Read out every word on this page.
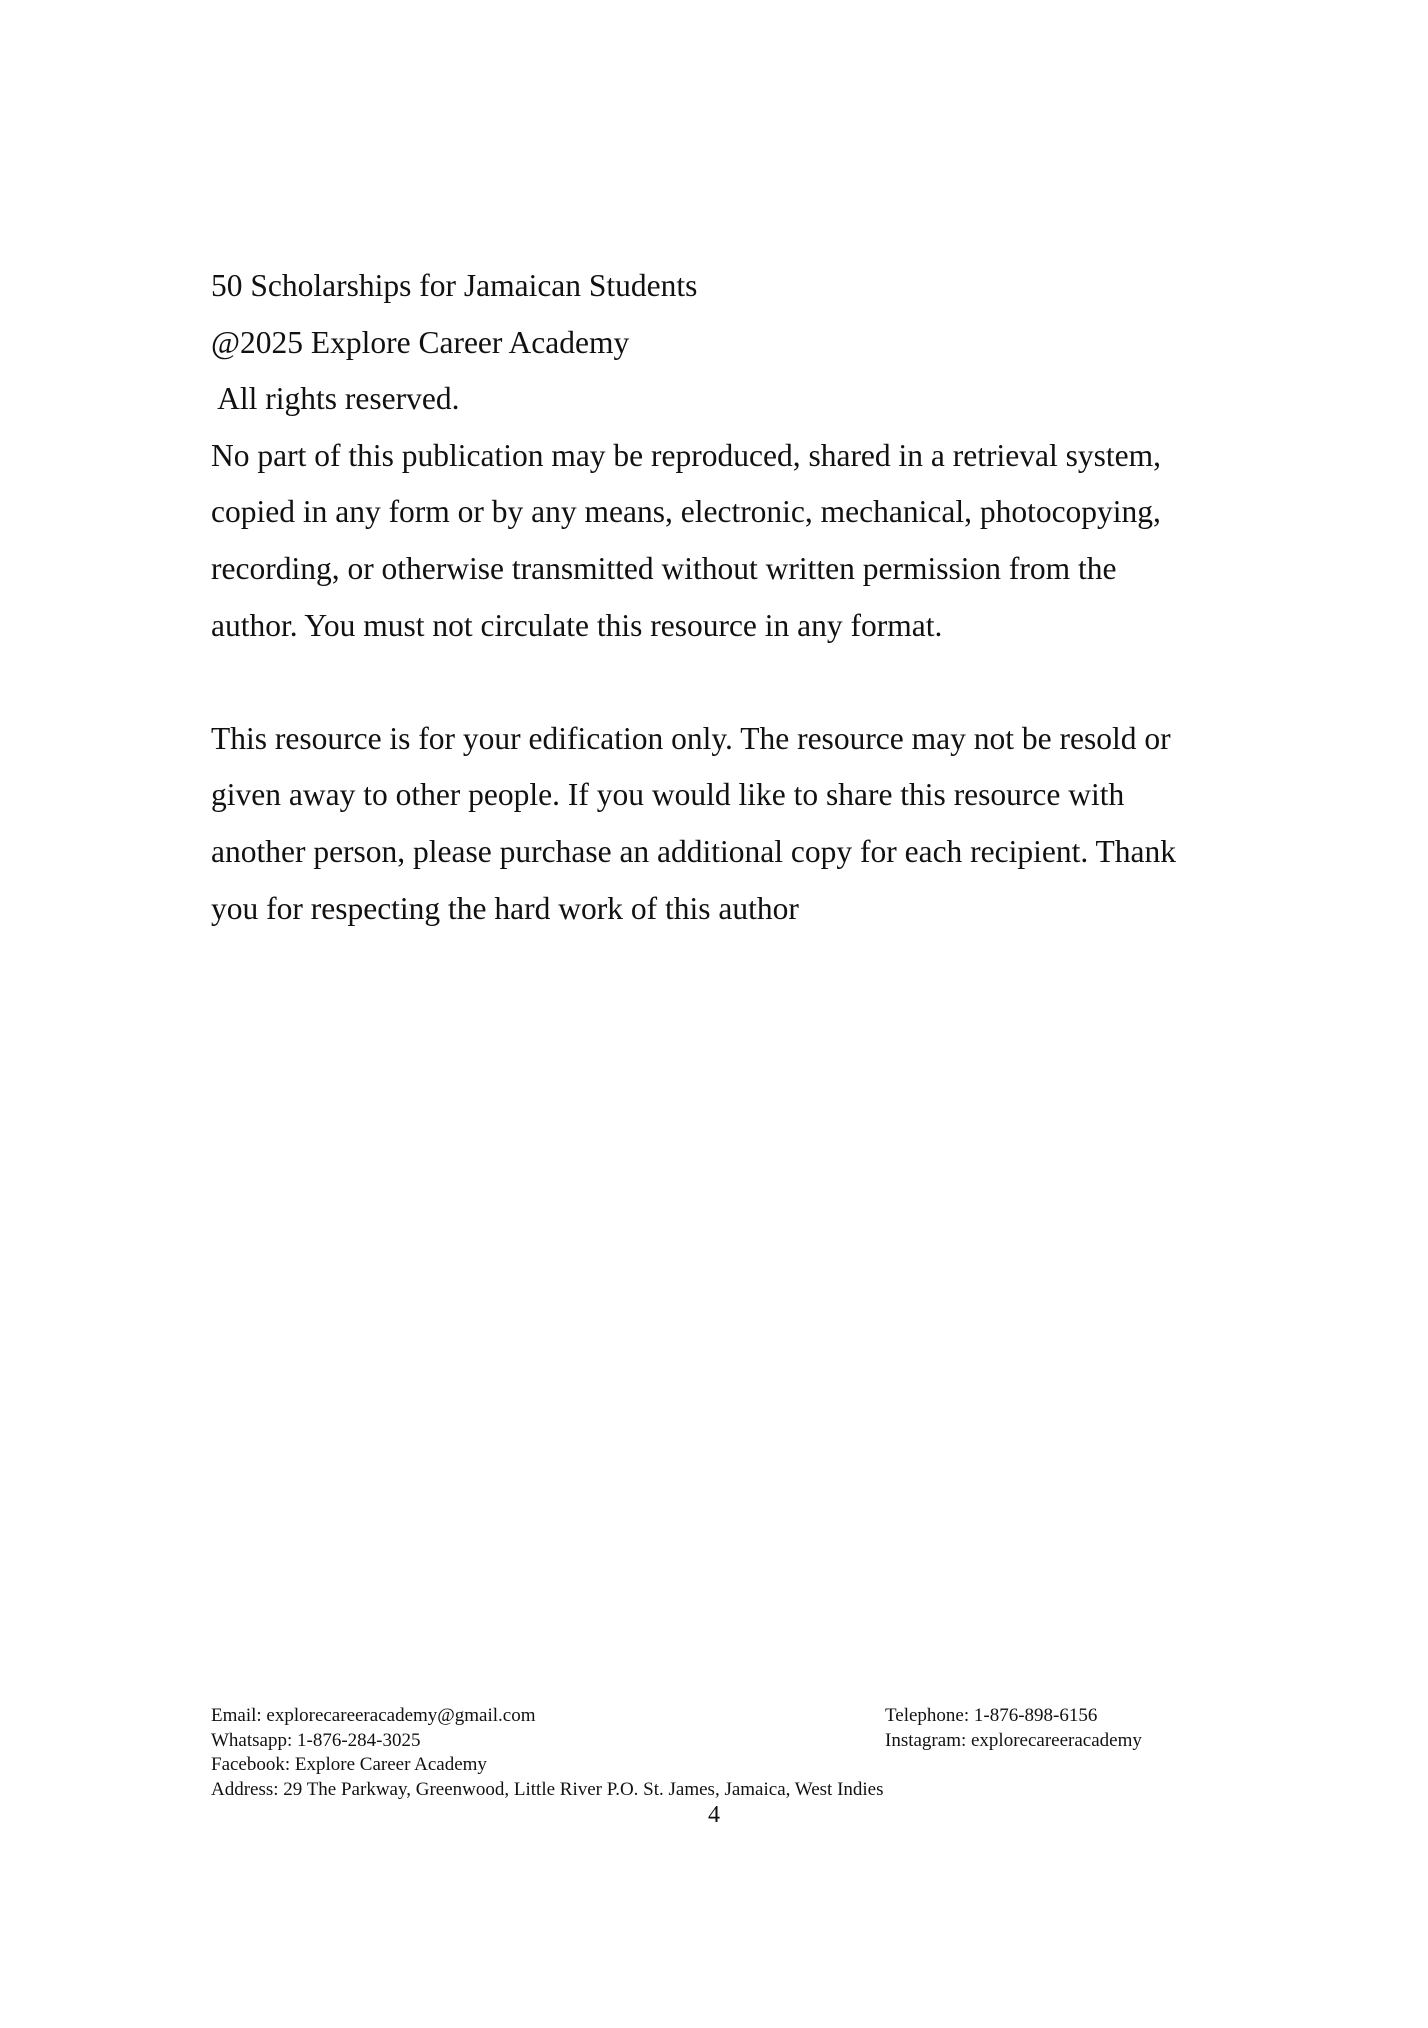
50 Scholarships for Jamaican Students

@2025 Explore Career Academy

All rights reserved.

No part of this publication may be reproduced, shared in a retrieval system,

copied in any form or by any means, electronic, mechanical, photocopying,

recording, or otherwise transmitted without written permission from the

author. You must not circulate this resource in any format.

This resource is for your edification only. The resource may not be resold or

given away to other people. If you would like to share this resource with

another person, please purchase an additional copy for each recipient. Thank

you for respecting the hard work of this author

Email: explorecareeracademy@gmail.com	Telephone: 1-876-898-6156
Whatsapp: 1-876-284-3025	Instagram: explorecareeracademy
Facebook: Explore Career Academy
Address: 29 The Parkway, Greenwood, Little River P.O. St. James, Jamaica, West Indies
4
